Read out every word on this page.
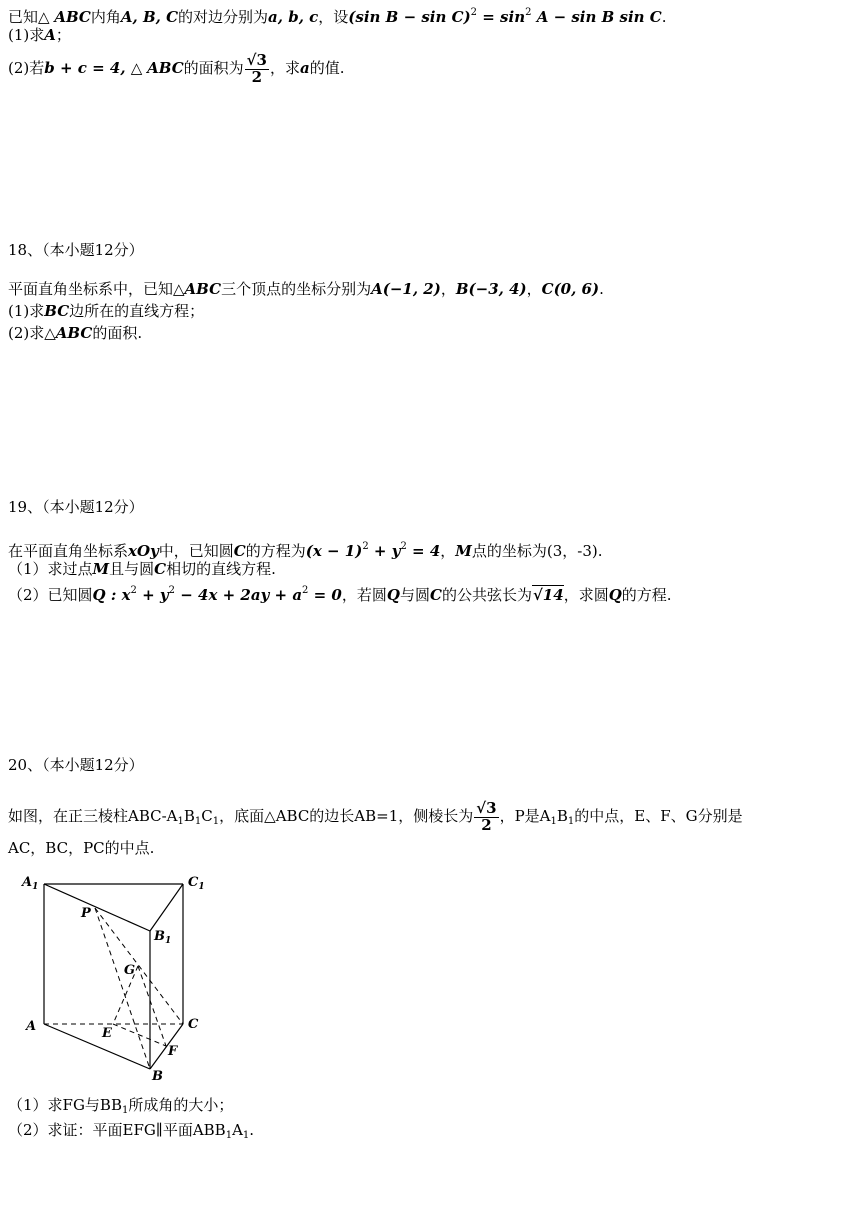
已知△ ABC内角A, B, C的对边分别为a, b, c，设(sin $B - \sin C)^2 = \sin^2 A - \sin B$ sin C.
(1)求A；
(2)若b + c = 4, △ ABC的面积为 $\frac{√3}{2}$ ，求a的值.
18、（本小题12分）
平面直角坐标系中，已知△ABC三个顶点的坐标分别为A(−1, 2)，B(−3, 4)，C(0, 6).
(1)求BC边所在的直线方程；
(2)求△ABC的面积.
19、（本小题12分）
在平面直角坐标系xOy中，已知圆C的方程为$(x - 1)^2 + y^2 = 4$，M点的坐标为(3，-3).
（1）求过点M且与圆C相切的直线方程.
（2）已知圆Q : $x^2 + y^2 - 4x + 2ay + a^2 = 0$，若圆Q与圆C的公共弦长为√14，求圆Q的方程.
20、（本小题12分）
如图，在正三棱柱ABC-$A_1B_1C_1$，底面△ABC的边长AB=1，侧棱长为 $\frac{√3}{2}$ ，P是$A_1B_1$的中点，E、F、G分别是
AC，BC，PC的中点.
$A_1$	$C_1$
$B_1$
P
G
A	C
E
F
B
（1）求FG与$BB_1$所成角的大小；
（2）求证：平面EFG∥平面$ABB_1A_1$.
